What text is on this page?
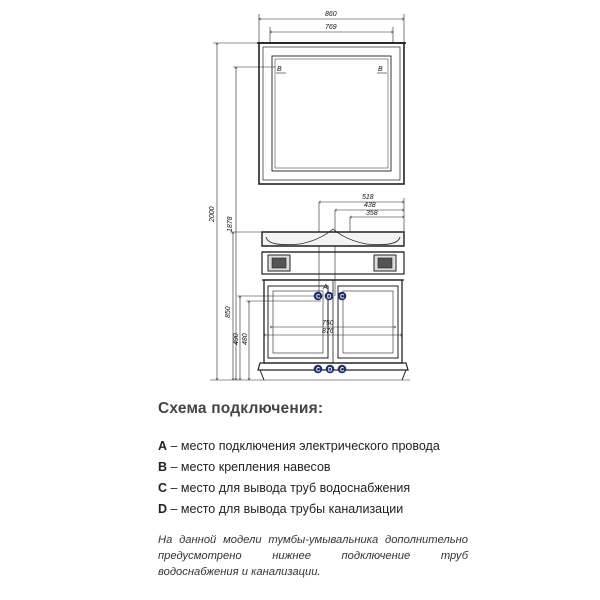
B	B
860
769
2000
1878
850
490 480
518
438
358
750
876
C D C
C D C
A
Схема подключения:
A – место подключения электрического провода
B – место крепления навесов
C – место для вывода труб водоснабжения
D – место для вывода трубы канализации
На данной модели тумбы-умывальника дополнительно предусмотрено нижнее подключение труб водоснабжения и канализации.
